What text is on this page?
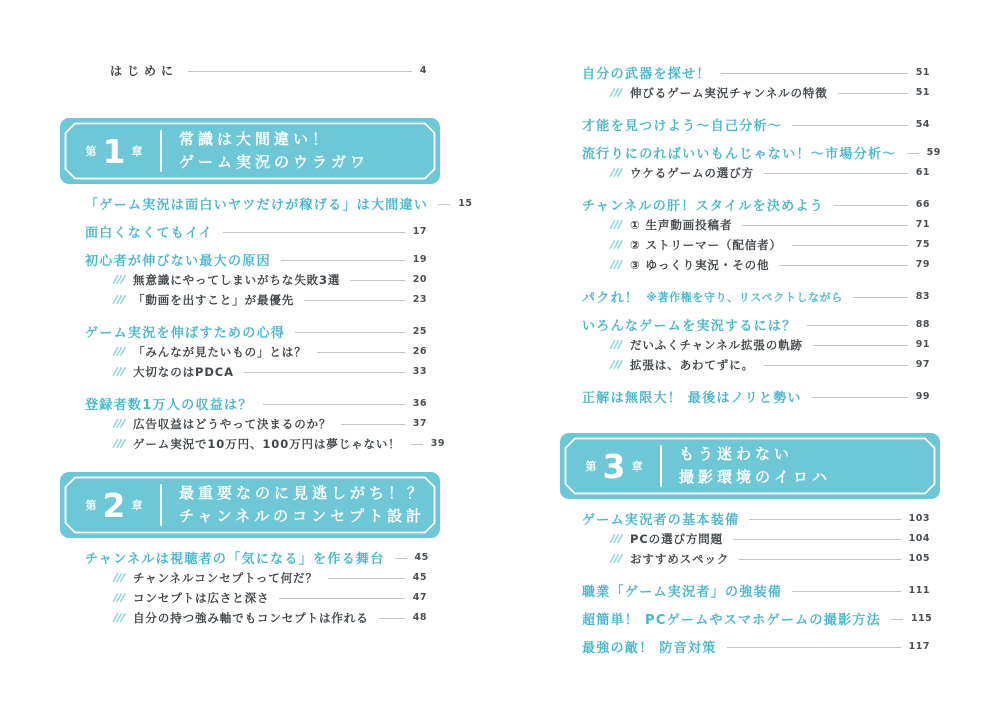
はじめに	4
第 1 章
常識は大間違い！
ゲーム実況のウラガワ
「ゲーム実況は面白いヤツだけが稼げる」は大間違い	15
面白くなくてもイイ	17
初心者が伸びない最大の原因	19
無意識にやってしまいがちな失敗3選	20
「動画を出すこと」が最優先	23
ゲーム実況を伸ばすための心得	25
「みんなが見たいもの」とは？	26
大切なのはPDCA	33
登録者数1万人の収益は？	36
広告収益はどうやって決まるのか？	37
ゲーム実況で10万円、100万円は夢じゃない！	39
第 2 章
最重要なのに見逃しがち！？
チャンネルのコンセプト設計
チャンネルは視聴者の「気になる」を作る舞台	45
チャンネルコンセプトって何だ？	45
コンセプトは広さと深さ	47
自分の持つ強み軸でもコンセプトは作れる	48
自分の武器を探せ！	51
伸びるゲーム実況チャンネルの特徴	51
才能を見つけよう〜自己分析〜	54
流行りにのればいいもんじゃない！〜市場分析〜	59
ウケるゲームの選び方	61
チャンネルの肝！スタイルを決めよう	66
① 生声動画投稿者	71
② ストリーマー（配信者）	75
③ ゆっくり実況・その他	79
パクれ！ ※著作権を守り、リスペクトしながら	83
いろんなゲームを実況するには？	88
だいふくチャンネル拡張の軌跡	91
拡張は、あわてずに。	97
正解は無限大！ 最後はノリと勢い	99
第 3 章
もう迷わない
撮影環境のイロハ
ゲーム実況者の基本装備	103
PCの選び方問題	104
おすすめスペック	105
職業「ゲーム実況者」の強装備	111
超簡単！ PCゲームやスマホゲームの撮影方法	115
最強の敵！ 防音対策	117
